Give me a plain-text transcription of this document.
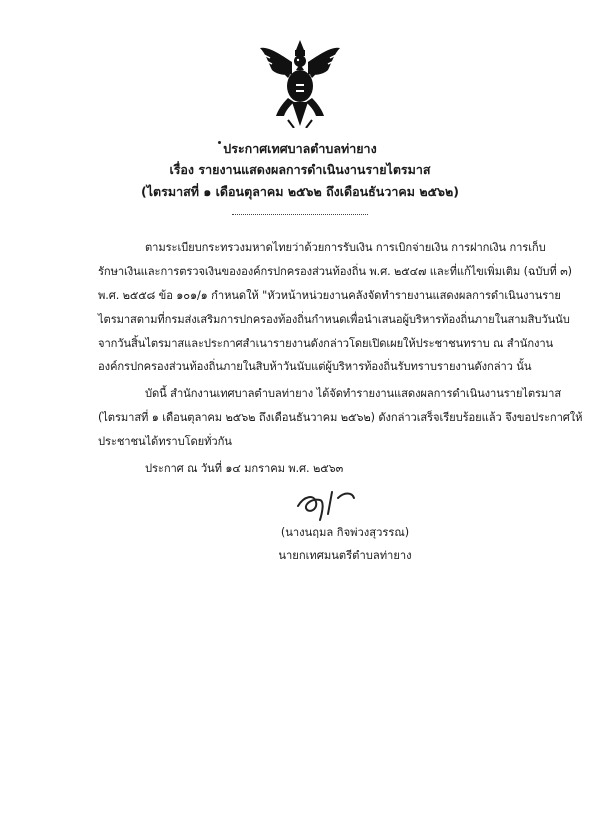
ประกาศเทศบาลตำบลท่ายาง
เรื่อง รายงานแสดงผลการดำเนินงานรายไตรมาส
(ไตรมาสที่ ๑ เดือนตุลาคม ๒๕๖๒ ถึงเดือนธันวาคม ๒๕๖๒)
ตามระเบียบกระทรวงมหาดไทยว่าด้วยการรับเงิน การเบิกจ่ายเงิน การฝากเงิน การเก็บ
รักษาเงินและการตรวจเงินขององค์กรปกครองส่วนท้องถิ่น พ.ศ. ๒๕๔๗ และที่แก้ไขเพิ่มเติม (ฉบับที่ ๓)
พ.ศ. ๒๕๕๘ ข้อ ๑๐๑/๑ กำหนดให้ "หัวหน้าหน่วยงานคลังจัดทำรายงานแสดงผลการดำเนินงานราย
ไตรมาสตามที่กรมส่งเสริมการปกครองท้องถิ่นกำหนดเพื่อนำเสนอผู้บริหารท้องถิ่นภายในสามสิบวันนับ
จากวันสิ้นไตรมาสและประกาศสำเนารายงานดังกล่าวโดยเปิดเผยให้ประชาชนทราบ ณ สำนักงาน
องค์กรปกครองส่วนท้องถิ่นภายในสิบห้าวันนับแต่ผู้บริหารท้องถิ่นรับทราบรายงานดังกล่าว นั้น
บัดนี้ สำนักงานเทศบาลตำบลท่ายาง ได้จัดทำรายงานแสดงผลการดำเนินงานรายไตรมาส
(ไตรมาสที่ ๑ เดือนตุลาคม ๒๕๖๒ ถึงเดือนธันวาคม ๒๕๖๒) ดังกล่าวเสร็จเรียบร้อยแล้ว จึงขอประกาศให้
ประชาชนได้ทราบโดยทั่วกัน
ประกาศ ณ วันที่ ๑๔ มกราคม พ.ศ. ๒๕๖๓
(นางนฤมล กิจพ่วงสุวรรณ)
นายกเทศมนตรีตำบลท่ายาง
